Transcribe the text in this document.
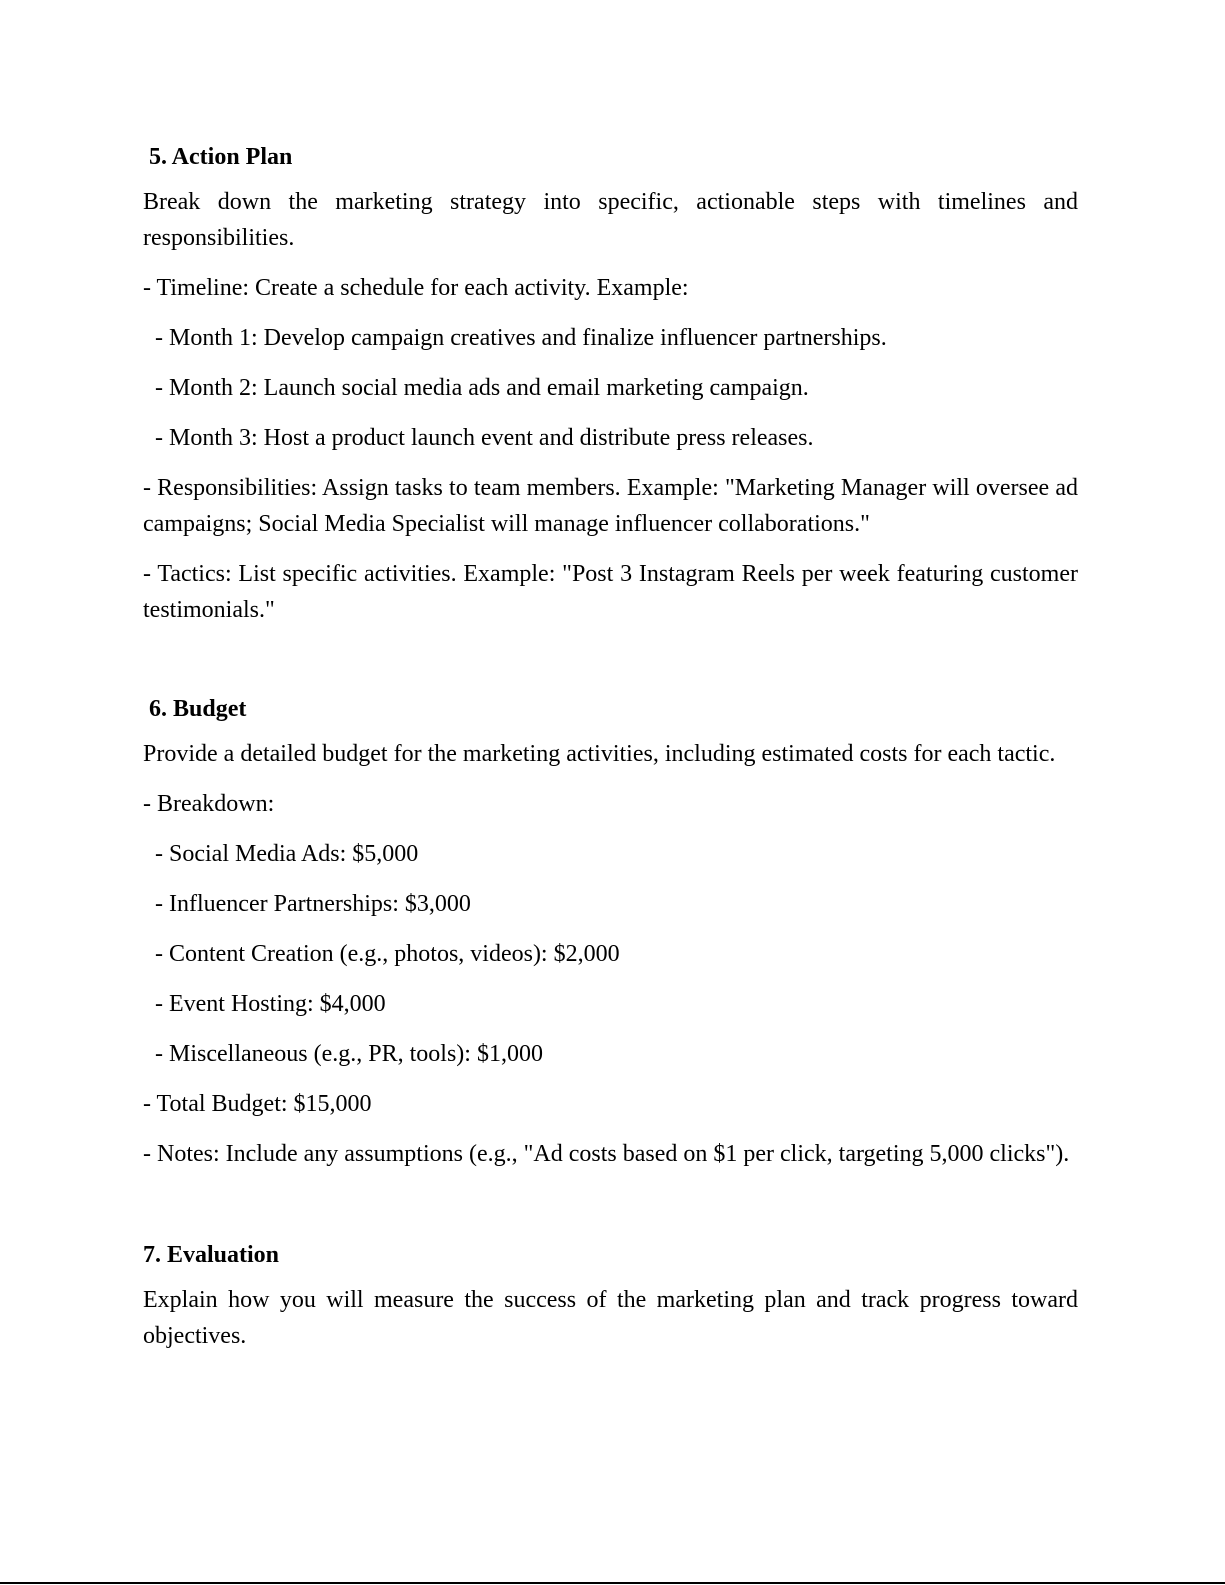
5. Action Plan

Break down the marketing strategy into specific, actionable steps with timelines and responsibilities.

- Timeline: Create a schedule for each activity. Example:

- Month 1: Develop campaign creatives and finalize influencer partnerships.

- Month 2: Launch social media ads and email marketing campaign.

- Month 3: Host a product launch event and distribute press releases.

- Responsibilities: Assign tasks to team members. Example: "Marketing Manager will oversee ad campaigns; Social Media Specialist will manage influencer collaborations."

- Tactics: List specific activities. Example: "Post 3 Instagram Reels per week featuring customer testimonials."

6. Budget

Provide a detailed budget for the marketing activities, including estimated costs for each tactic.

- Breakdown:

- Social Media Ads: $5,000

- Influencer Partnerships: $3,000

- Content Creation (e.g., photos, videos): $2,000

- Event Hosting: $4,000

- Miscellaneous (e.g., PR, tools): $1,000

- Total Budget: $15,000

- Notes: Include any assumptions (e.g., "Ad costs based on $1 per click, targeting 5,000 clicks").

7. Evaluation

Explain how you will measure the success of the marketing plan and track progress toward objectives.
